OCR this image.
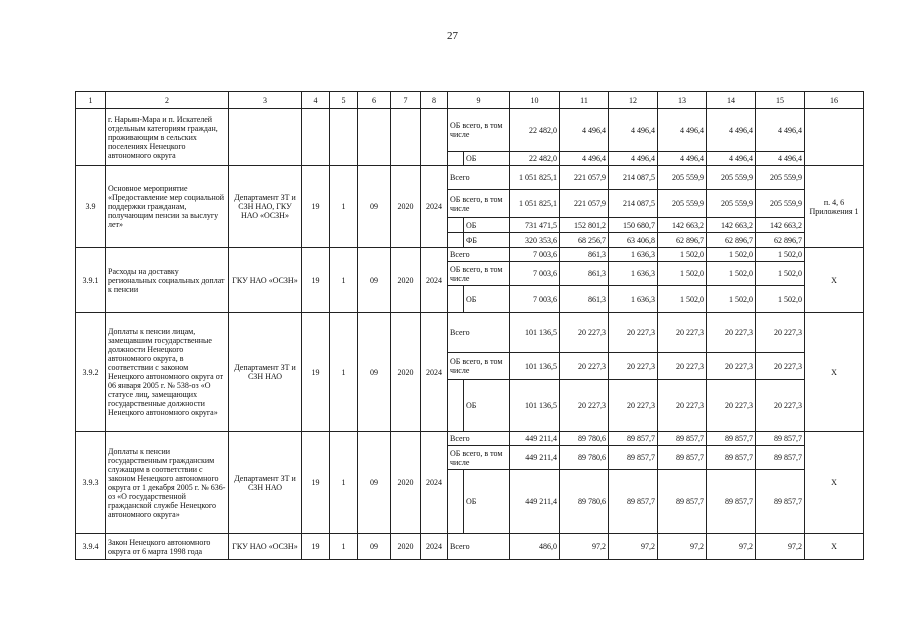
27
1	2	3	4	5	6	7	8	9		10	11	12	13	14	15	16
	г. Нарьян-Мара и п. Искателей отдельным категориям граждан, проживающим в сельских поселениях Ненецкого автономного округа							ОБ всего, в том числе		22 482,0	4 496,4	4 496,4	4 496,4	4 496,4	4 496,4	
									ОБ	22 482,0	4 496,4	4 496,4	4 496,4	4 496,4	4 496,4	
3.9	Основное мероприятие «Предоставление мер социальной поддержки гражданам, получающим пенсии за выслугу лет»	Департамент ЗТ и СЗН НАО, ГКУ НАО «ОСЗН»	19	1	09	2020	2024	Всего		1 051 825,1	221 057,9	214 087,5	205 559,9	205 559,9	205 559,9	п. 4, 6 Приложения 1
								ОБ всего, в том числе		1 051 825,1	221 057,9	214 087,5	205 559,9	205 559,9	205 559,9	
									ОБ	731 471,5	152 801,2	150 680,7	142 663,2	142 663,2	142 663,2	
									ФБ	320 353,6	68 256,7	63 406,8	62 896,7	62 896,7	62 896,7	
3.9.1	Расходы на доставку региональных социальных доплат к пенсии	ГКУ НАО «ОСЗН»	19	1	09	2020	2024	Всего		7 003,6	861,3	1 636,3	1 502,0	1 502,0	1 502,0	Х
								ОБ всего, в том числе		7 003,6	861,3	1 636,3	1 502,0	1 502,0	1 502,0	
									ОБ	7 003,6	861,3	1 636,3	1 502,0	1 502,0	1 502,0	
3.9.2	Доплаты к пенсии лицам, замещавшим государственные должности Ненецкого автономного округа, в соответствии с законом Ненецкого автономного округа от 06 января 2005 г. № 538-оз «О статусе лиц, замещающих государственные должности Ненецкого автономного округа»	Департамент ЗТ и СЗН НАО	19	1	09	2020	2024	Всего		101 136,5	20 227,3	20 227,3	20 227,3	20 227,3	20 227,3	Х
								ОБ всего, в том числе		101 136,5	20 227,3	20 227,3	20 227,3	20 227,3	20 227,3	
									ОБ	101 136,5	20 227,3	20 227,3	20 227,3	20 227,3	20 227,3	
3.9.3	Доплаты к пенсии государственным гражданским служащим в соответствии с законом Ненецкого автономного округа от 1 декабря 2005 г. № 636-оз «О государственной гражданской службе Ненецкого автономного округа»	Департамент ЗТ и СЗН НАО	19	1	09	2020	2024	Всего		449 211,4	89 780,6	89 857,7	89 857,7	89 857,7	89 857,7	Х
								ОБ всего, в том числе		449 211,4	89 780,6	89 857,7	89 857,7	89 857,7	89 857,7	
									ОБ	449 211,4	89 780,6	89 857,7	89 857,7	89 857,7	89 857,7	
3.9.4	Закон Ненецкого автономного округа от 6 марта 1998 года	ГКУ НАО «ОСЗН»	19	1	09	2020	2024	Всего		486,0	97,2	97,2	97,2	97,2	97,2	Х
